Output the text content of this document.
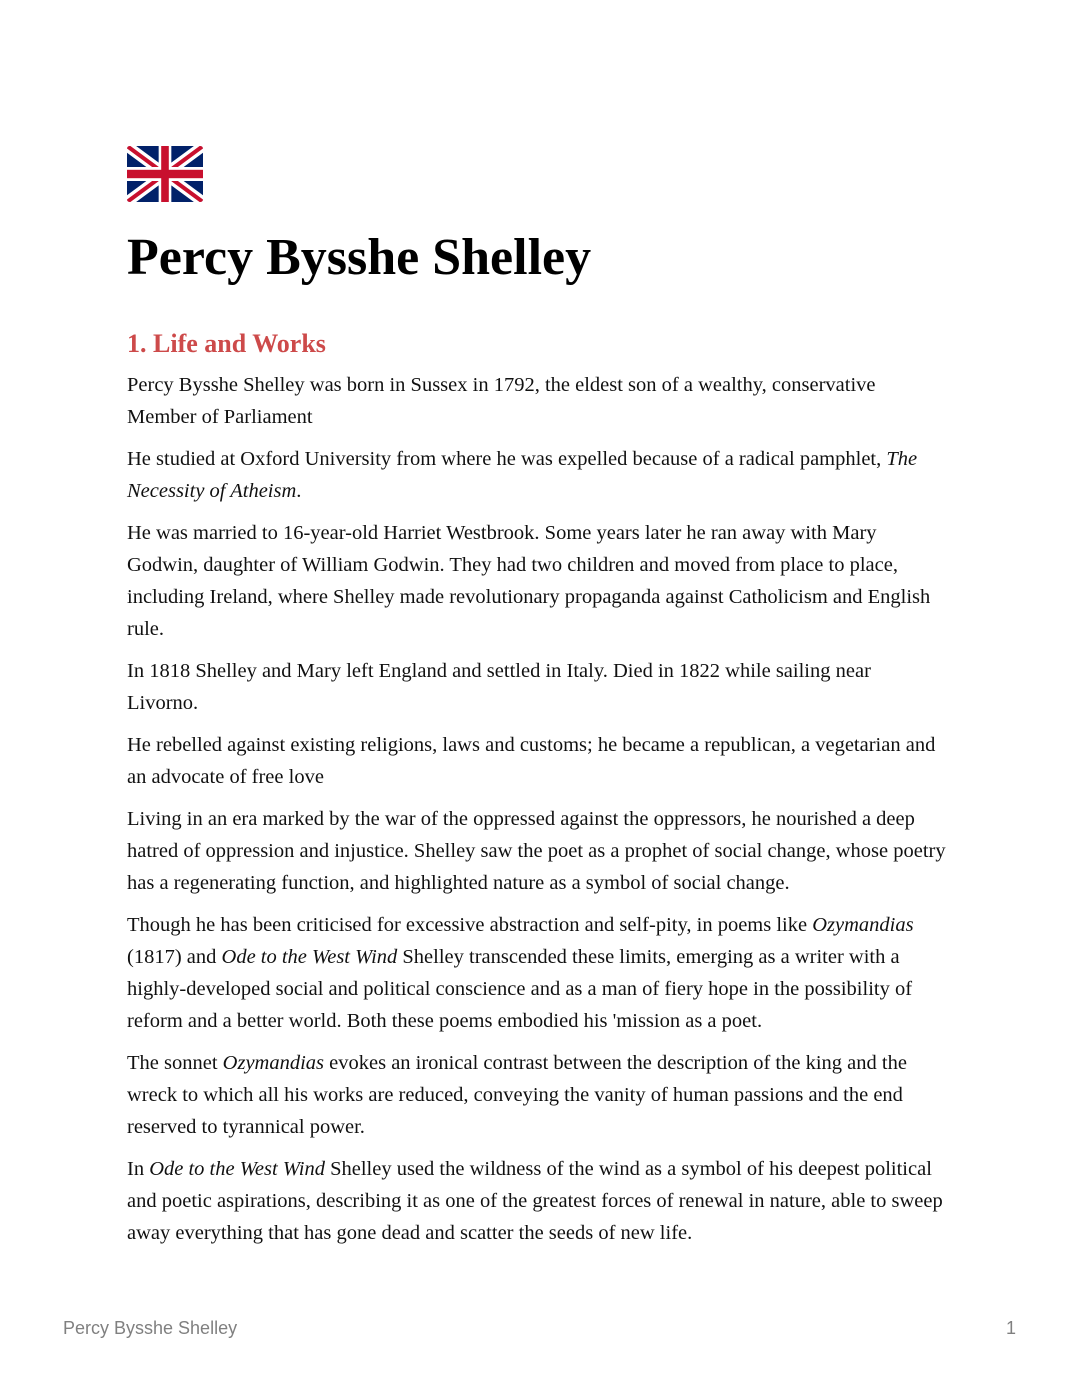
Percy Bysshe Shelley
1. Life and Works

Percy Bysshe Shelley was born in Sussex in 1792, the eldest son of a wealthy, conservative Member of Parliament

He studied at Oxford University from where he was expelled because of a radical pamphlet, The Necessity of Atheism.

He was married to 16-year-old Harriet Westbrook. Some years later he ran away with Mary Godwin, daughter of William Godwin. They had two children and moved from place to place, including Ireland, where Shelley made revolutionary propaganda against Catholicism and English rule.

In 1818 Shelley and Mary left England and settled in Italy. Died in 1822 while sailing near Livorno.

He rebelled against existing religions, laws and customs; he became a republican, a vegetarian and an advocate of free love

Living in an era marked by the war of the oppressed against the oppressors, he nourished a deep hatred of oppression and injustice. Shelley saw the poet as a prophet of social change, whose poetry has a regenerating function, and highlighted nature as a symbol of social change.

Though he has been criticised for excessive abstraction and self-pity, in poems like Ozymandias (1817) and Ode to the West Wind Shelley transcended these limits, emerging as a writer with a highly-developed social and political conscience and as a man of fiery hope in the possibility of reform and a better world. Both these poems embodied his 'mission as a poet.

The sonnet Ozymandias evokes an ironical contrast between the description of the king and the wreck to which all his works are reduced, conveying the vanity of human passions and the end reserved to tyrannical power.

In Ode to the West Wind Shelley used the wildness of the wind as a symbol of his deepest political and poetic aspirations, describing it as one of the greatest forces of renewal in nature, able to sweep away everything that has gone dead and scatter the seeds of new life.

Percy Bysshe Shelley	1
